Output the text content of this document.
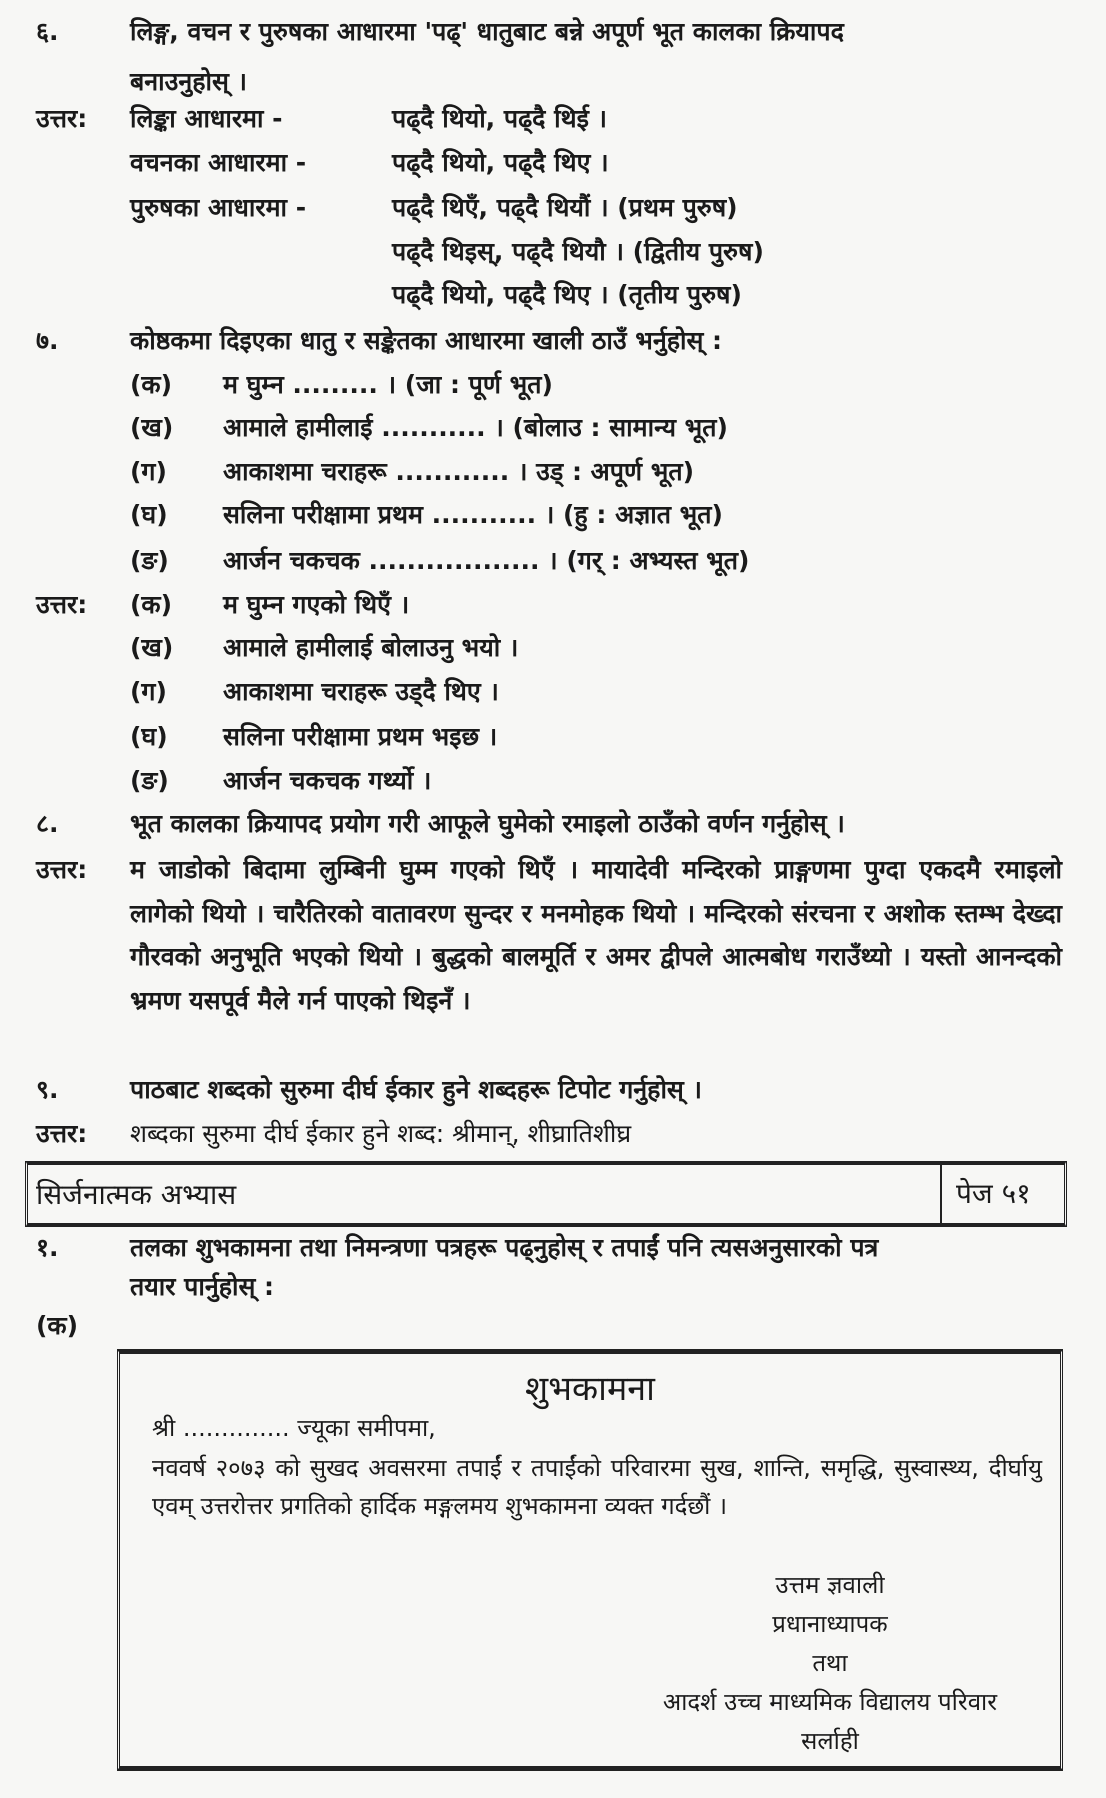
६.	लिङ्ग, वचन र पुरुषका आधारमा 'पढ्' धातुबाट बन्ने अपूर्ण भूत कालका क्रियापद
बनाउनुहोस् ।
उत्तर: लिङ्का आधारमा -	पढ्दै थियो, पढ्दै थिई ।
वचनका आधारमा -	पढ्दै थियो, पढ्दै थिए ।
पुरुषका आधारमा -	पढ्दै थिएँ, पढ्दै थियौं । (प्रथम पुरुष)
पढ्दै थिइस्, पढ्दै थियौ । (द्वितीय पुरुष)
पढ्दै थियो, पढ्दै थिए । (तृतीय पुरुष)
७.	कोष्ठकमा दिइएका धातु र सङ्केतका आधारमा खाली ठाउँ भर्नुहोस् :
(क) म घुम्न ......... । (जा : पूर्ण भूत)
(ख) आमाले हामीलाई ........... । (बोलाउ : सामान्य भूत)
(ग) आकाशमा चराहरू ............ । उड् : अपूर्ण भूत)
(घ) सलिना परीक्षामा प्रथम ........... । (हु : अज्ञात भूत)
(ङ) आर्जन चकचक .................. । (गर् : अभ्यस्त भूत)
उत्तर: (क) म घुम्न गएको थिएँ ।
(ख) आमाले हामीलाई बोलाउनु भयो ।
(ग) आकाशमा चराहरू उड्दै थिए ।
(घ) सलिना परीक्षामा प्रथम भइछ ।
(ङ) आर्जन चकचक गर्थ्यो ।
८.	भूत कालका क्रियापद प्रयोग गरी आफूले घुमेको रमाइलो ठाउँको वर्णन गर्नुहोस् ।
उत्तर: म जाडोको बिदामा लुम्बिनी घुम्म गएको थिएँ । मायादेवी मन्दिरको प्राङ्गणमा पुग्दा एकदमै रमाइलो लागेको थियो । चारैतिरको वातावरण सुन्दर र मनमोहक थियो । मन्दिरको संरचना र अशोक स्तम्भ देख्दा गौरवको अनुभूति भएको थियो । बुद्धको बालमूर्ति र अमर द्वीपले आत्मबोध गराउँथ्यो । यस्तो आनन्दको भ्रमण यसपूर्व मैले गर्न पाएको थिइनँ ।
९.	पाठबाट शब्दको सुरुमा दीर्घ ईकार हुने शब्दहरू टिपोट गर्नुहोस् ।
उत्तर: शब्दका सुरुमा दीर्घ ईकार हुने शब्द: श्रीमान्, शीघ्रातिशीघ्र
सिर्जनात्मक अभ्यास	पेज ५१
१.	तलका शुभकामना तथा निमन्त्रणा पत्रहरू पढ्नुहोस् र तपाईं पनि त्यसअनुसारको पत्र
तयार पार्नुहोस् :
(क)
शुभकामना
श्री .............. ज्यूका समीपमा,
नववर्ष २०७३ को सुखद अवसरमा तपाईं र तपाईंको परिवारमा सुख, शान्ति, समृद्धि, सुस्वास्थ्य, दीर्घायु एवम् उत्तरोत्तर प्रगतिको हार्दिक मङ्गलमय शुभकामना व्यक्त गर्दछौं ।
उत्तम ज्ञवाली
प्रधानाध्यापक
तथा
आदर्श उच्च माध्यमिक विद्यालय परिवार
सर्लाही
